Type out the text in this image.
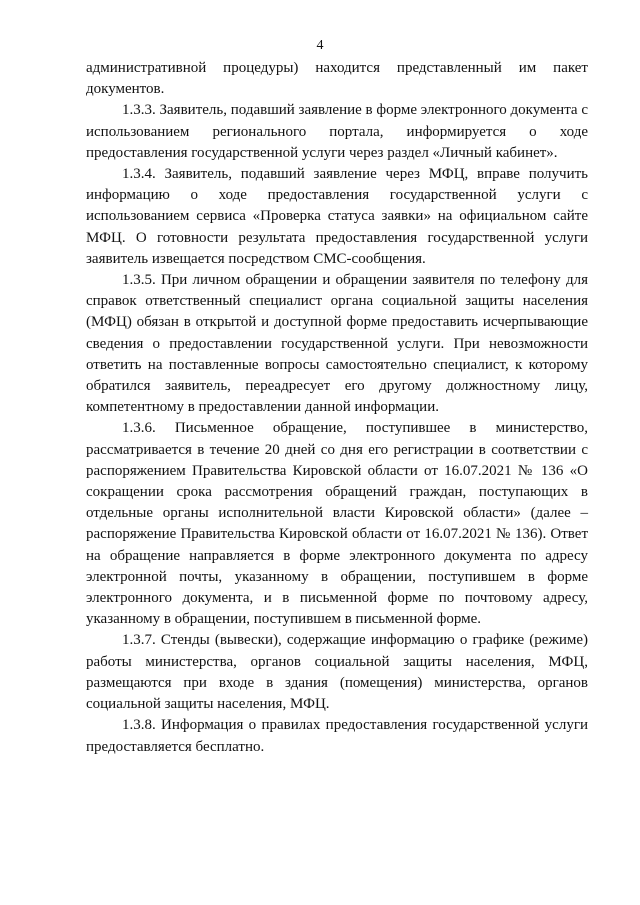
4

административной процедуры) находится представленный им пакет документов.

1.3.3. Заявитель, подавший заявление в форме электронного документа с использованием регионального портала, информируется о ходе предоставления государственной услуги через раздел «Личный кабинет».

1.3.4. Заявитель, подавший заявление через МФЦ, вправе получить информацию о ходе предоставления государственной услуги с использованием сервиса «Проверка статуса заявки» на официальном сайте МФЦ. О готовности результата предоставления государственной услуги заявитель извещается посредством СМС-сообщения.

1.3.5. При личном обращении и обращении заявителя по телефону для справок ответственный специалист органа социальной защиты населения (МФЦ) обязан в открытой и доступной форме предоставить исчерпывающие сведения о предоставлении государственной услуги. При невозможности ответить на поставленные вопросы самостоятельно специалист, к которому обратился заявитель, переадресует его другому должностному лицу, компетентному в предоставлении данной информации.

1.3.6. Письменное обращение, поступившее в министерство, рассматривается в течение 20 дней со дня его регистрации в соответствии с распоряжением Правительства Кировской области от 16.07.2021 № 136 «О сокращении срока рассмотрения обращений граждан, поступающих в отдельные органы исполнительной власти Кировской области» (далее – распоряжение Правительства Кировской области от 16.07.2021 № 136). Ответ на обращение направляется в форме электронного документа по адресу электронной почты, указанному в обращении, поступившем в форме электронного документа, и в письменной форме по почтовому адресу, указанному в обращении, поступившем в письменной форме.

1.3.7. Стенды (вывески), содержащие информацию о графике (режиме) работы министерства, органов социальной защиты населения, МФЦ, размещаются при входе в здания (помещения) министерства, органов социальной защиты населения, МФЦ.

1.3.8. Информация о правилах предоставления государственной услуги предоставляется бесплатно.
